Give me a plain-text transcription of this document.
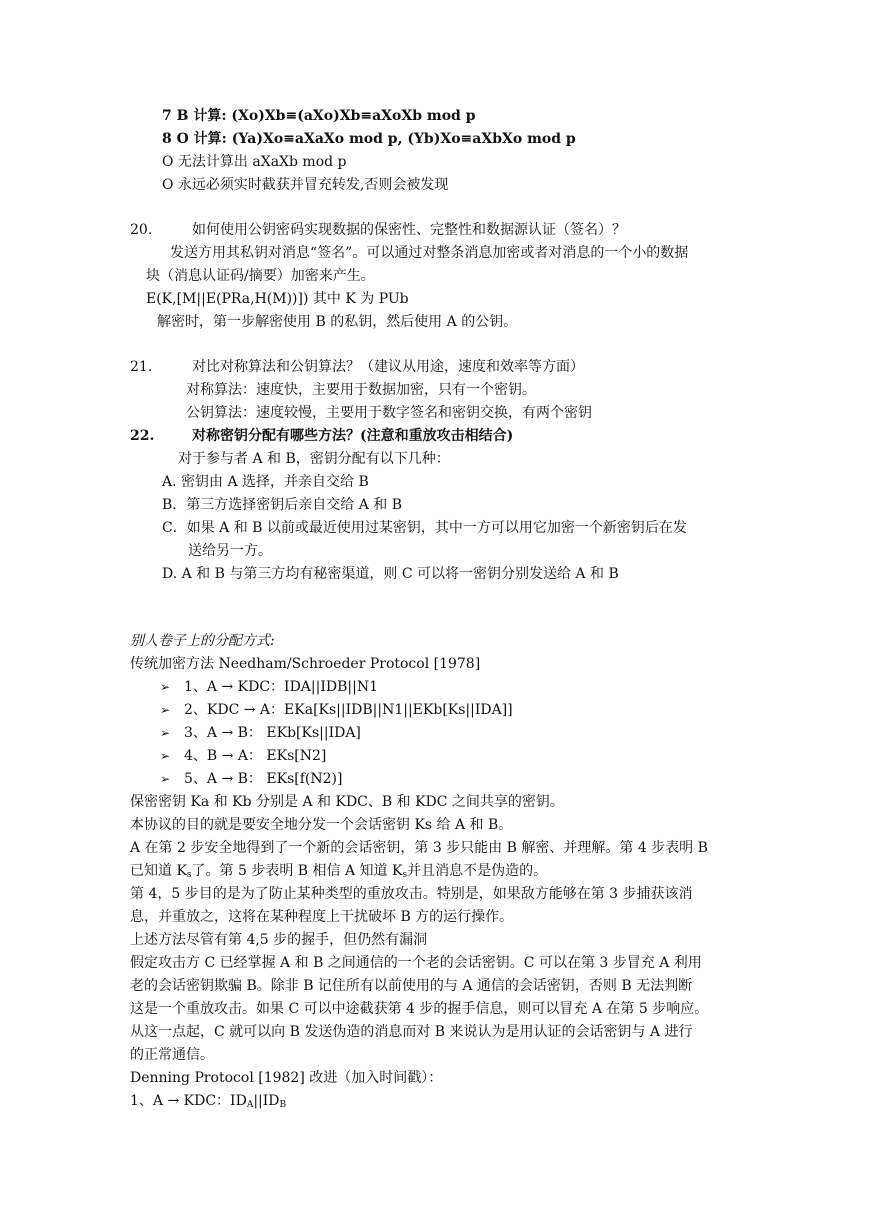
7 B 计算: (Xo)Xb≡(aXo)Xb≡aXoXb mod p
8 O 计算: (Ya)Xo≡aXaXo mod p, (Yb)Xo≡aXbXo mod p
O 无法计算出 aXaXb mod p
O 永远必须实时截获并冒充转发,否则会被发现
20.	如何使用公钥密码实现数据的保密性、完整性和数据源认证（签名）？
发送方用其私钥对消息“签名”。可以通过对整条消息加密或者对消息的一个小的数据
块（消息认证码/摘要）加密来产生。
E(K,[M||E(PRa,H(M))]) 其中 K 为 PUb
解密时，第一步解密使用 B 的私钥，然后使用 A 的公钥。
21.	对比对称算法和公钥算法？（建议从用途，速度和效率等方面）
对称算法：速度快，主要用于数据加密，只有一个密钥。
公钥算法：速度较慢，主要用于数字签名和密钥交换，有两个密钥
22.	对称密钥分配有哪些方法？(注意和重放攻击相结合)
对于参与者 A 和 B，密钥分配有以下几种：
A. 密钥由 A 选择，并亲自交给 B
B．第三方选择密钥后亲自交给 A 和 B
C．如果 A 和 B 以前或最近使用过某密钥，其中一方可以用它加密一个新密钥后在发
送给另一方。
D. A 和 B 与第三方均有秘密渠道，则 C 可以将一密钥分别发送给 A 和 B
别人卷子上的分配方式:
传统加密方法 Needham/Schroeder Protocol [1978]
➢ 1、A → KDC：IDA||IDB||N1
➢ 2、KDC → A：EKa[Ks||IDB||N1||EKb[Ks||IDA]]
➢ 3、A → B： EKb[Ks||IDA]
➢ 4、B → A： EKs[N2]
➢ 5、A → B： EKs[f(N2)]
保密密钥 Ka 和 Kb 分别是 A 和 KDC、B 和 KDC 之间共享的密钥。
本协议的目的就是要安全地分发一个会话密钥 Ks 给 A 和 B。
A 在第 2 步安全地得到了一个新的会话密钥，第 3 步只能由 B 解密、并理解。第 4 步表明 B
已知道 $K_s$了。第 5 步表明 B 相信 A 知道 $K_s$并且消息不是伪造的。
第 4，5 步目的是为了防止某种类型的重放攻击。特别是，如果敌方能够在第 3 步捕获该消
息，并重放之，这将在某种程度上干扰破坏 B 方的运行操作。
上述方法尽管有第 4,5 步的握手，但仍然有漏洞
假定攻击方 C 已经掌握 A 和 B 之间通信的一个老的会话密钥。C 可以在第 3 步冒充 A 利用
老的会话密钥欺骗 B。除非 B 记住所有以前使用的与 A 通信的会话密钥，否则 B 无法判断
这是一个重放攻击。如果 C 可以中途截获第 4 步的握手信息，则可以冒充 A 在第 5 步响应。
从这一点起，C 就可以向 B 发送伪造的消息而对 B 来说认为是用认证的会话密钥与 A 进行
的正常通信。
Denning Protocol [1982] 改进（加入时间戳）：
1、A → KDC：$ID_A||ID_B$
